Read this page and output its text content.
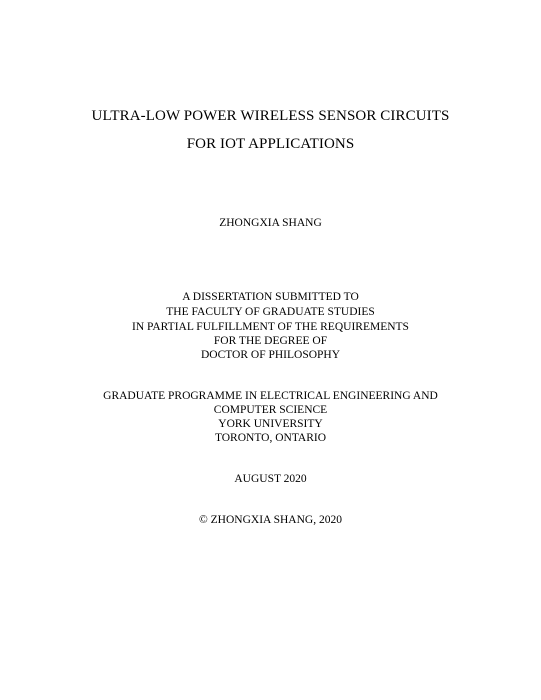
ULTRA-LOW POWER WIRELESS SENSOR CIRCUITS
FOR IOT APPLICATIONS
ZHONGXIA SHANG
A DISSERTATION SUBMITTED TO
THE FACULTY OF GRADUATE STUDIES
IN PARTIAL FULFILLMENT OF THE REQUIREMENTS
FOR THE DEGREE OF
DOCTOR OF PHILOSOPHY
GRADUATE PROGRAMME IN ELECTRICAL ENGINEERING AND
COMPUTER SCIENCE
YORK UNIVERSITY
TORONTO, ONTARIO
AUGUST 2020
© ZHONGXIA SHANG, 2020
